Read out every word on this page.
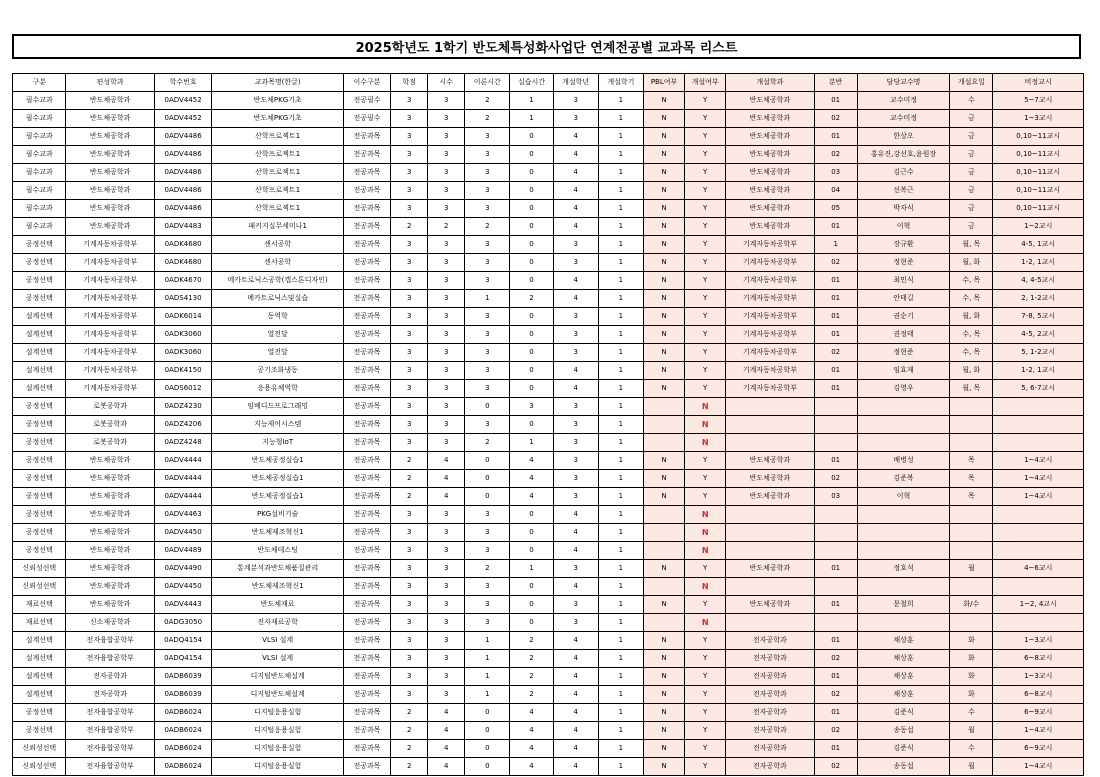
2025학년도 1학기 반도체특성화사업단 연계전공별 교과목 리스트
구분	편성학과	학수번호	교과목명(한글)	이수구분	학점	시수	이론시간	실습시간	개설학년	개설학기	PBL여부	개설여부	개설학과	분반	담당교수명	개설요일	비정교시
필수교과	반도체공학과	0ADV4452	반도체PKG기초	전공필수	3	3	2	1	3	1	N	Y	반도체공학과	01	교수미정	수	5~7교시
필수교과	반도체공학과	0ADV4452	반도체PKG기초	전공필수	3	3	2	1	3	1	N	Y	반도체공학과	02	교수미정	금	1~3교시
필수교과	반도체공학과	0ADV4486	산학프로젝트1	전공과목	3	3	3	0	4	1	N	Y	반도체공학과	01	한상오	금	0,10~11교시
필수교과	반도체공학과	0ADV4486	산학프로젝트1	전공과목	3	3	3	0	4	1	N	Y	반도체공학과	02	홍유진,강선호,윤원장	금	0,10~11교시
필수교과	반도체공학과	0ADV4486	산학프로젝트1	전공과목	3	3	3	0	4	1	N	Y	반도체공학과	03	김근수	금	0,10~11교시
필수교과	반도체공학과	0ADV4486	산학프로젝트1	전공과목	3	3	3	0	4	1	N	Y	반도체공학과	04	선복근	금	0,10~11교시
필수교과	반도체공학과	0ADV4486	산학프로젝트1	전공과목	3	3	3	0	4	1	N	Y	반도체공학과	05	박자식	금	0,10~11교시
필수교과	반도체공학과	0ADV4483	패키지실무세미나1	전공과목	2	2	2	0	4	1	N	Y	반도체공학과	01	이혁	금	1~2교시
공정선택	기계자동차공학부	0ADK4680	센서공학	전공과목	3	3	3	0	3	1	N	Y	기계자동차공학부	1	장규환	월, 목	4-5, 1교시
공정선택	기계자동차공학부	0ADK4680	센서공학	전공과목	3	3	3	0	3	1	N	Y	기계자동차공학부	02	정현준	월, 화	1-2, 1교시
공정선택	기계자동차공학부	0ADK4670	메카트로닉스공학(캡스톤디자인)	전공과목	3	3	3	0	4	1	N	Y	기계자동차공학부	01	최민식	수, 목	4, 4-5교시
공정선택	기계자동차공학부	0ADS4130	메카트로닉스및실습	전공과목	3	3	1	2	4	1	N	Y	기계자동차공학부	01	안태길	수, 목	2, 1-2교시
설계선택	기계자동차공학부	0ADK6014	동역학	전공과목	3	3	3	0	3	1	N	Y	기계자동차공학부	01	권순기	월, 화	7-8, 5교시
설계선택	기계자동차공학부	0ADK3060	열전달	전공과목	3	3	3	0	3	1	N	Y	기계자동차공학부	01	권정태	수, 목	4-5, 2교시
설계선택	기계자동차공학부	0ADK3060	열전달	전공과목	3	3	3	0	3	1	N	Y	기계자동차공학부	02	정현준	수, 목	5, 1-2교시
설계선택	기계자동차공학부	0ADK4150	공기조화냉동	전공과목	3	3	3	0	4	1	N	Y	기계자동차공학부	01	임효재	월, 화	1-2, 1교시
설계선택	기계자동차공학부	0ADS6012	응용유체역학	전공과목	3	3	3	0	4	1	N	Y	기계자동차공학부	01	김영우	월, 목	5, 6-7교시
공정선택	로봇공학과	0ADZ4230	임베디드프로그래밍	전공과목	3	3	0	3	3	1		N					
공정선택	로봇공학과	0ADZ4206	지능제어시스템	전공과목	3	3	3	0	3	1		N					
공정선택	로봇공학과	0ADZ4248	지능형IoT	전공과목	3	3	2	1	3	1		N					
공정선택	반도체공학과	0ADV4444	반도체공정실습1	전공과목	2	4	0	4	3	1	N	Y	반도체공학과	01	배병성	목	1~4교시
공정선택	반도체공학과	0ADV4444	반도체공정실습1	전공과목	2	4	0	4	3	1	N	Y	반도체공학과	02	김준복	목	1~4교시
공정선택	반도체공학과	0ADV4444	반도체공정실습1	전공과목	2	4	0	4	3	1	N	Y	반도체공학과	03	이혁	목	1~4교시
공정선택	반도체공학과	0ADV4463	PKG설비기술	전공과목	3	3	3	0	4	1		N					
공정선택	반도체공학과	0ADV4450	반도체제조혁신1	전공과목	3	3	3	0	4	1		N					
공정선택	반도체공학과	0ADV4489	반도체테스팅	전공과목	3	3	3	0	4	1		N					
신뢰성선택	반도체공학과	0ADV4490	통계분석과반도체품질관리	전공과목	3	3	2	1	3	1	N	Y	반도체공학과	01	정호석	월	4~6교시
신뢰성선택	반도체공학과	0ADV4450	반도체제조혁신1	전공과목	3	3	3	0	4	1		N					
재료선택	반도체공학과	0ADV4443	반도체재료	전공과목	3	3	3	0	3	1	N	Y	반도체공학과	01	문철희	화/수	1~2, 4교시
재료선택	신소재공학과	0ADG3050	전자재료공학	전공과목	3	3	3	0	3	1		N					
설계선택	전자융합공학부	0ADQ4154	VLSI 설계	전공과목	3	3	1	2	4	1	N	Y	전자공학과	01	채상훈	화	1~3교시
설계선택	전자융합공학부	0ADQ4154	VLSI 설계	전공과목	3	3	1	2	4	1	N	Y	전자공학과	02	채상훈	화	6~8교시
설계선택	전자공학과	0ADB6039	디지털반도체설계	전공과목	3	3	1	2	4	1	N	Y	전자공학과	01	채상훈	화	1~3교시
설계선택	전자공학과	0ADB6039	디지털반도체설계	전공과목	3	3	1	2	4	1	N	Y	전자공학과	02	채상훈	화	6~8교시
공정선택	전자융합공학부	0ADB6024	디지털응용실험	전공과목	2	4	0	4	4	1	N	Y	전자공학과	01	김준식	수	6~9교시
공정선택	전자융합공학부	0ADB6024	디지털응용실험	전공과목	2	4	0	4	4	1	N	Y	전자공학과	02	송동섭	월	1~4교시
신뢰성선택	전자융합공학부	0ADB6024	디지털응용실험	전공과목	2	4	0	4	4	1	N	Y	전자공학과	01	김준식	수	6~9교시
신뢰성선택	전자융합공학부	0ADB6024	디지털응용실험	전공과목	2	4	0	4	4	1	N	Y	전자공학과	02	송동섭	월	1~4교시
